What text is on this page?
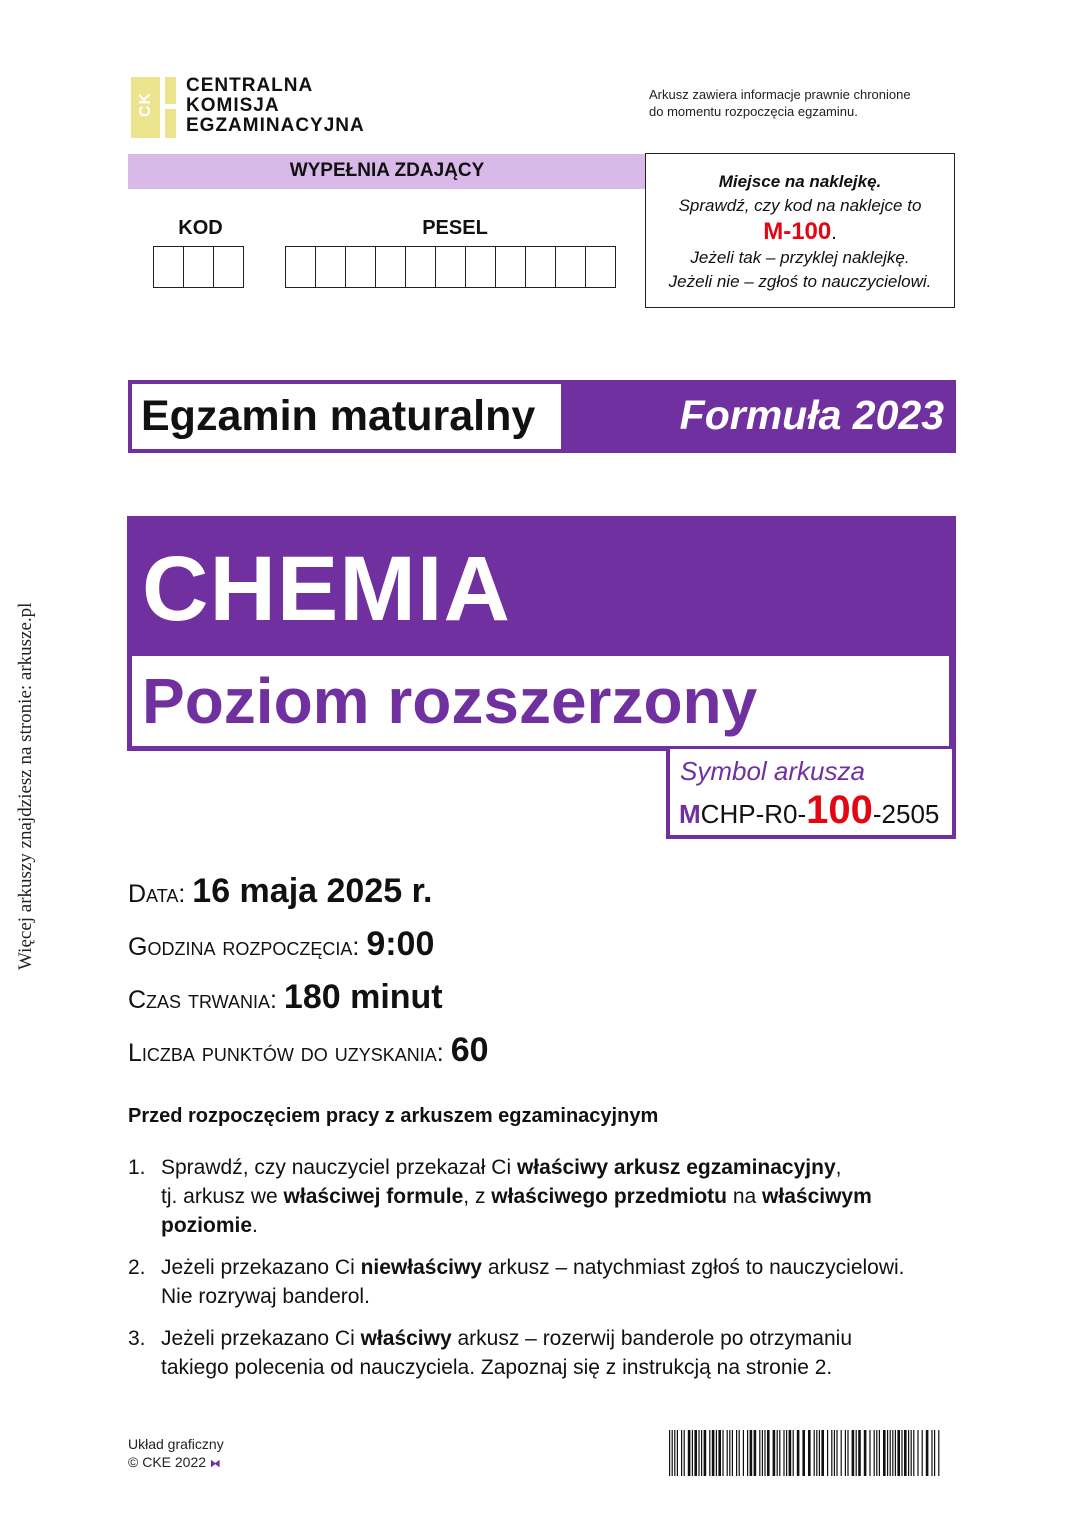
Więcej arkuszy znajdziesz na stronie: arkusze.pl
CK
CENTRALNA
KOMISJA
EGZAMINACYJNA
Arkusz zawiera informacje prawnie chronione
do momentu rozpoczęcia egzaminu.
WYPEŁNIA ZDAJĄCY
KOD	PESEL
Miejsce na naklejkę.
Sprawdź, czy kod na naklejce to
M-100.
Jeżeli tak – przyklej naklejkę.
Jeżeli nie – zgłoś to nauczycielowi.
Egzamin maturalny	Formuła 2023
CHEMIA
Poziom rozszerzony
Symbol arkusza
MCHP-R0-100-2505
Data: 16 maja 2025 r.
Godzina rozpoczęcia: 9:00
Czas trwania: 180 minut
Liczba punktów do uzyskania: 60
Przed rozpoczęciem pracy z arkuszem egzaminacyjnym
1. Sprawdź, czy nauczyciel przekazał Ci właściwy arkusz egzaminacyjny,
tj. arkusz we właściwej formule, z właściwego przedmiotu na właściwym poziomie.
2. Jeżeli przekazano Ci niewłaściwy arkusz – natychmiast zgłoś to nauczycielowi.
Nie rozrywaj banderol.
3. Jeżeli przekazano Ci właściwy arkusz – rozerwij banderole po otrzymaniu
takiego polecenia od nauczyciela. Zapoznaj się z instrukcją na stronie 2.
Układ graficzny
© CKE 2022 ⧓
